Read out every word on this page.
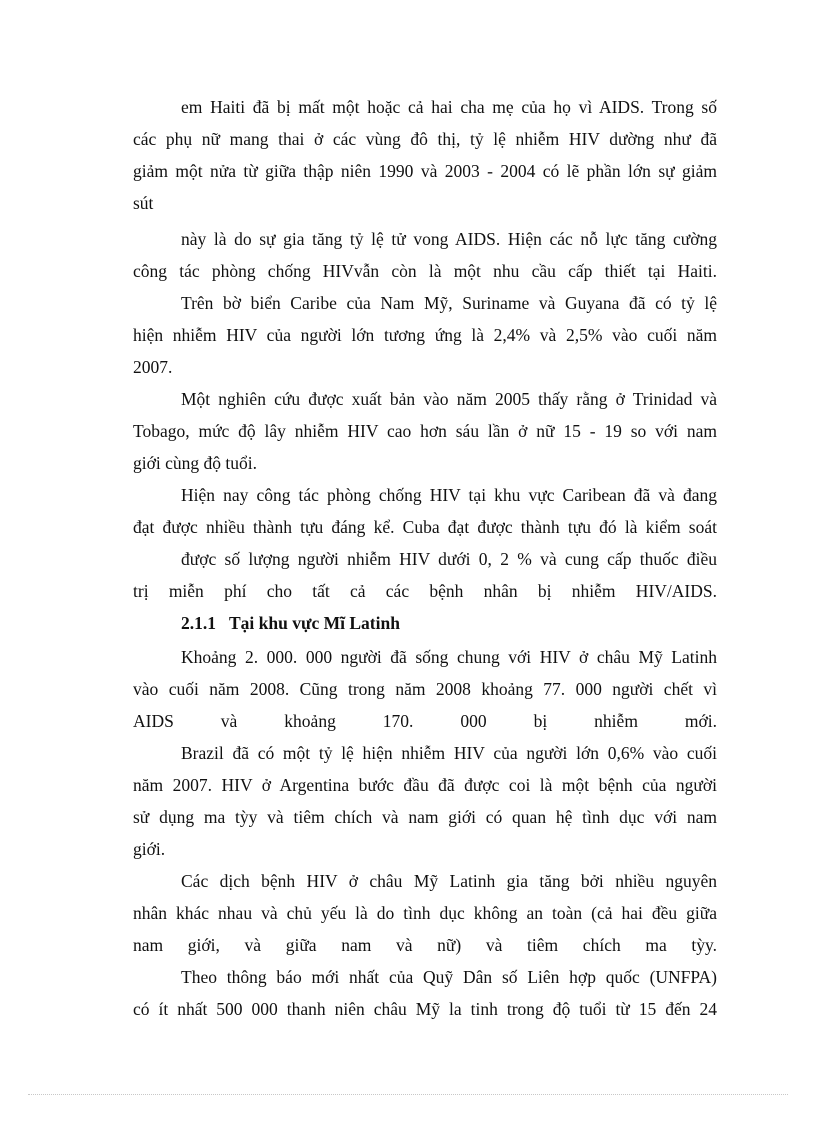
em Haiti đã bị mất một hoặc cả hai cha mẹ của họ vì AIDS. Trong số
các phụ nữ mang thai ở các vùng đô thị, tỷ lệ nhiễm HIV dường như đã
giảm một nửa từ giữa thập niên 1990 và 2003 - 2004 có lẽ phần lớn sự giảm
sút
này là do sự gia tăng tỷ lệ tử vong AIDS. Hiện các nỗ lực tăng cường
công tác phòng chống HIVvẫn còn là một nhu cầu cấp thiết tại Haiti.
Trên bờ biển Caribe của Nam Mỹ, Suriname và Guyana đã có tỷ lệ
hiện nhiễm HIV của người lớn tương ứng là 2,4% và 2,5% vào cuối năm
2007.
Một nghiên cứu được xuất bản vào năm 2005 thấy rằng ở Trinidad và
Tobago, mức độ lây nhiễm HIV cao hơn sáu lần ở nữ 15 - 19 so với nam
giới cùng độ tuổi.
Hiện nay công tác phòng chống HIV tại khu vực Caribean đã và đang
đạt được nhiều thành tựu đáng kể. Cuba đạt được thành tựu đó là kiểm soát
được số lượng người nhiễm HIV dưới 0, 2 % và cung cấp thuốc điều
trị miễn phí cho tất cả các bệnh nhân bị nhiễm HIV/AIDS.
2.1.1 Tại khu vực Mĩ Latinh
Khoảng 2. 000. 000 người đã sống chung với HIV ở châu Mỹ Latinh
vào cuối năm 2008. Cũng trong năm 2008 khoảng 77. 000 người chết vì
AIDS và khoảng 170. 000 bị nhiễm mới.
Brazil đã có một tỷ lệ hiện nhiễm HIV của người lớn 0,6% vào cuối
năm 2007. HIV ở Argentina bước đầu đã được coi là một bệnh của người
sử dụng ma tỳy và tiêm chích và nam giới có quan hệ tình dục với nam
giới.
Các dịch bệnh HIV ở châu Mỹ Latinh gia tăng bởi nhiều nguyên
nhân khác nhau và chủ yếu là do tình dục không an toàn (cả hai đều giữa
nam giới, và giữa nam và nữ) và tiêm chích ma tỳy.
Theo thông báo mới nhất của Quỹ Dân số Liên hợp quốc (UNFPA)
có ít nhất 500 000 thanh niên châu Mỹ la tinh trong độ tuổi từ 15 đến 24
